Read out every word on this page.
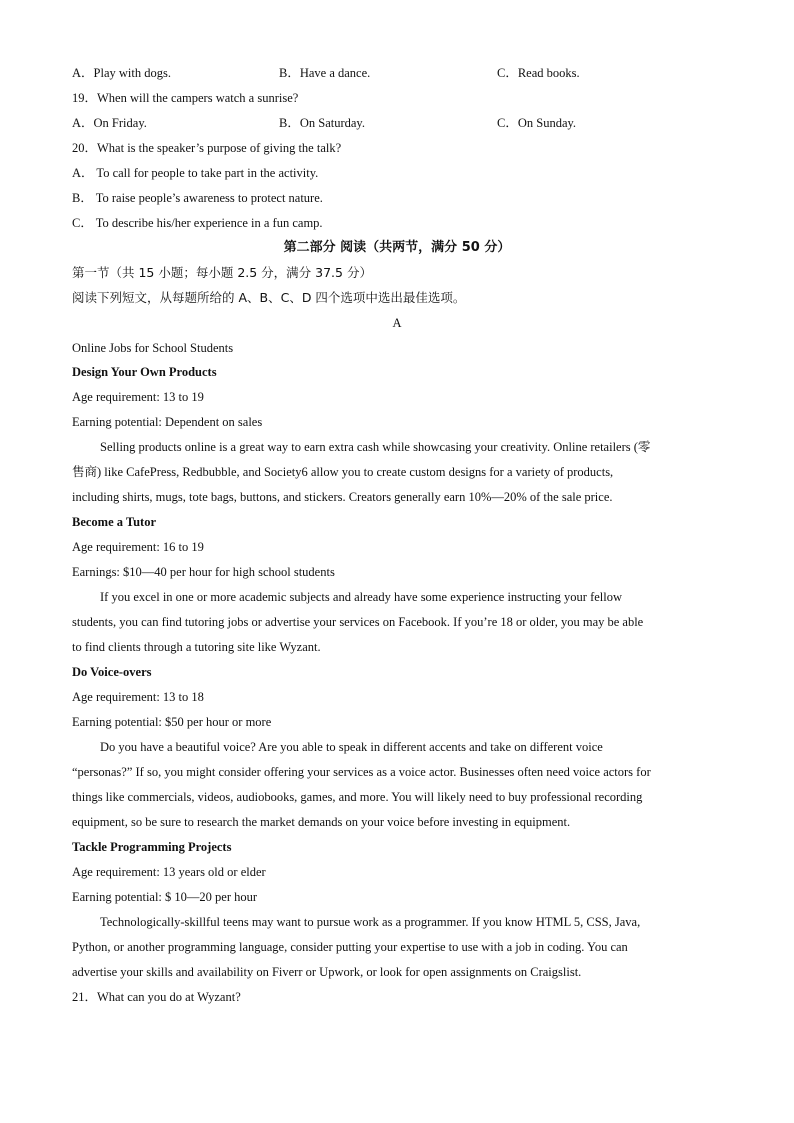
A．Play with dogs.	B．Have a dance.	C．Read books.
19．When will the campers watch a sunrise?
A．On Friday.	B．On Saturday.	C．On Sunday.
20．What is the speaker’s purpose of giving the talk?
A． To call for people to take part in the activity.
B． To raise people’s awareness to protect nature.
C． To describe his/her experience in a fun camp.
第二部分 阅读（共两节，满分 50 分）
第一节（共 15 小题；每小题 2.5 分，满分 37.5 分）
阅读下列短文，从每题所给的 A、B、C、D 四个选项中选出最佳选项。
A
Online Jobs for School Students
Design Your Own Products
Age requirement: 13 to 19
Earning potential: Dependent on sales
Selling products online is a great way to earn extra cash while showcasing your creativity. Online retailers (零
售商) like CafePress, Redbubble, and Society6 allow you to create custom designs for a variety of products,
including shirts, mugs, tote bags, buttons, and stickers. Creators generally earn 10%—20% of the sale price.
Become a Tutor
Age requirement: 16 to 19
Earnings: $10—40 per hour for high school students
If you excel in one or more academic subjects and already have some experience instructing your fellow
students, you can find tutoring jobs or advertise your services on Facebook. If you’re 18 or older, you may be able
to find clients through a tutoring site like Wyzant.
Do Voice-overs
Age requirement: 13 to 18
Earning potential: $50 per hour or more
Do you have a beautiful voice? Are you able to speak in different accents and take on different voice
“personas?” If so, you might consider offering your services as a voice actor. Businesses often need voice actors for
things like commercials, videos, audiobooks, games, and more. You will likely need to buy professional recording
equipment, so be sure to research the market demands on your voice before investing in equipment.
Tackle Programming Projects
Age requirement: 13 years old or elder
Earning potential: $ 10—20 per hour
Technologically-skillful teens may want to pursue work as a programmer. If you know HTML 5, CSS, Java,
Python, or another programming language, consider putting your expertise to use with a job in coding. You can
advertise your skills and availability on Fiverr or Upwork, or look for open assignments on Craigslist.
21．What can you do at Wyzant?
